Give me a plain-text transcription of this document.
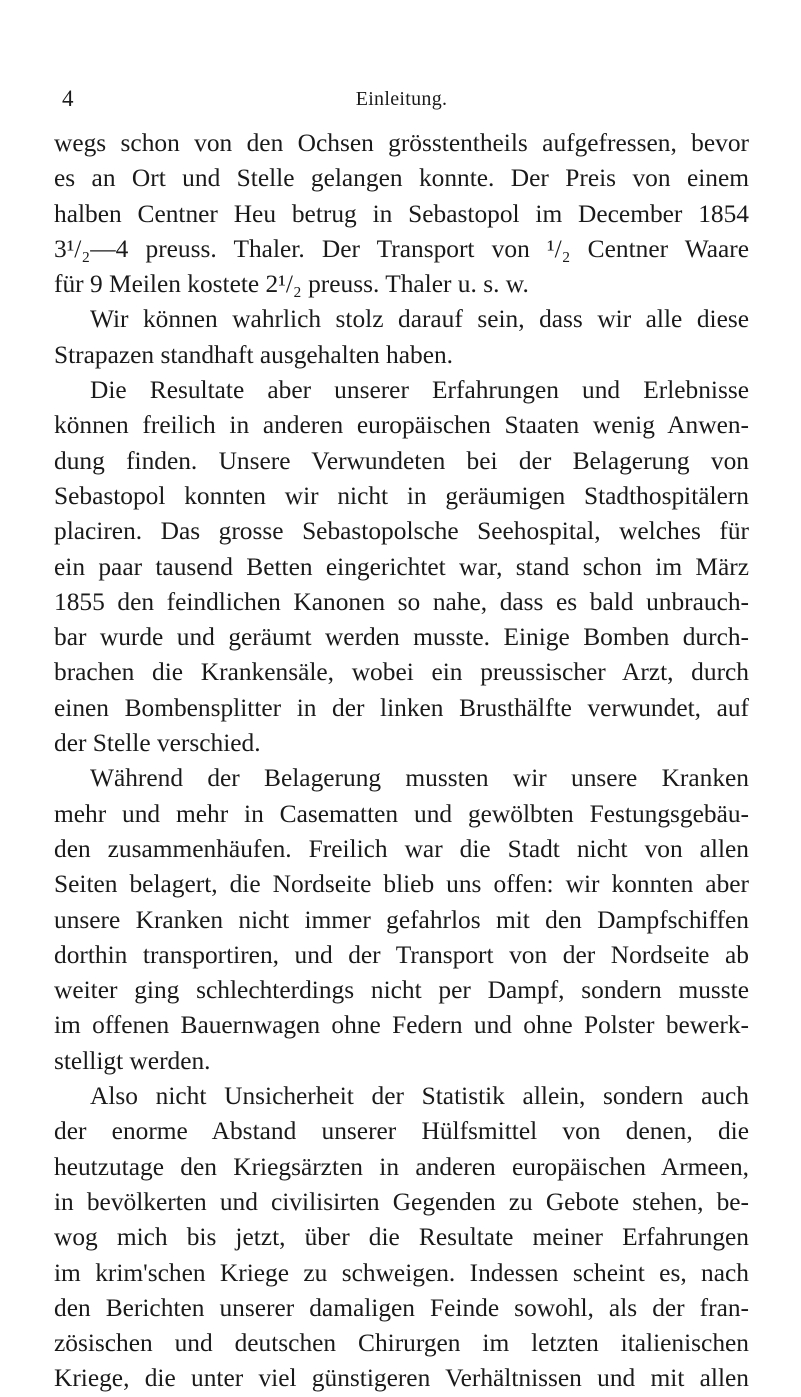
4	Einleitung.
wegs schon von den Ochsen grösstentheils aufgefressen, bevor
es an Ort und Stelle gelangen konnte. Der Preis von einem
halben Centner Heu betrug in Sebastopol im December 1854
3¹/₂—4 preuss. Thaler. Der Transport von ¹/₂ Centner Waare
für 9 Meilen kostete 2¹/₂ preuss. Thaler u. s. w.
Wir können wahrlich stolz darauf sein, dass wir alle diese
Strapazen standhaft ausgehalten haben.
Die Resultate aber unserer Erfahrungen und Erlebnisse
können freilich in anderen europäischen Staaten wenig Anwen-
dung finden. Unsere Verwundeten bei der Belagerung von
Sebastopol konnten wir nicht in geräumigen Stadthospitälern
placiren. Das grosse Sebastopolsche Seehospital, welches für
ein paar tausend Betten eingerichtet war, stand schon im März
1855 den feindlichen Kanonen so nahe, dass es bald unbrauch-
bar wurde und geräumt werden musste. Einige Bomben durch-
brachen die Krankensäle, wobei ein preussischer Arzt, durch
einen Bombensplitter in der linken Brusthälfte verwundet, auf
der Stelle verschied.
Während der Belagerung mussten wir unsere Kranken
mehr und mehr in Casematten und gewölbten Festungsgebäu-
den zusammenhäufen. Freilich war die Stadt nicht von allen
Seiten belagert, die Nordseite blieb uns offen: wir konnten aber
unsere Kranken nicht immer gefahrlos mit den Dampfschiffen
dorthin transportiren, und der Transport von der Nordseite ab
weiter ging schlechterdings nicht per Dampf, sondern musste
im offenen Bauernwagen ohne Federn und ohne Polster bewerk-
stelligt werden.
Also nicht Unsicherheit der Statistik allein, sondern auch
der enorme Abstand unserer Hülfsmittel von denen, die
heutzutage den Kriegsärzten in anderen europäischen Armeen,
in bevölkerten und civilisirten Gegenden zu Gebote stehen, be-
wog mich bis jetzt, über die Resultate meiner Erfahrungen
im krim'schen Kriege zu schweigen. Indessen scheint es, nach
den Berichten unserer damaligen Feinde sowohl, als der fran-
zösischen und deutschen Chirurgen im letzten italienischen
Kriege, die unter viel günstigeren Verhältnissen und mit allen
